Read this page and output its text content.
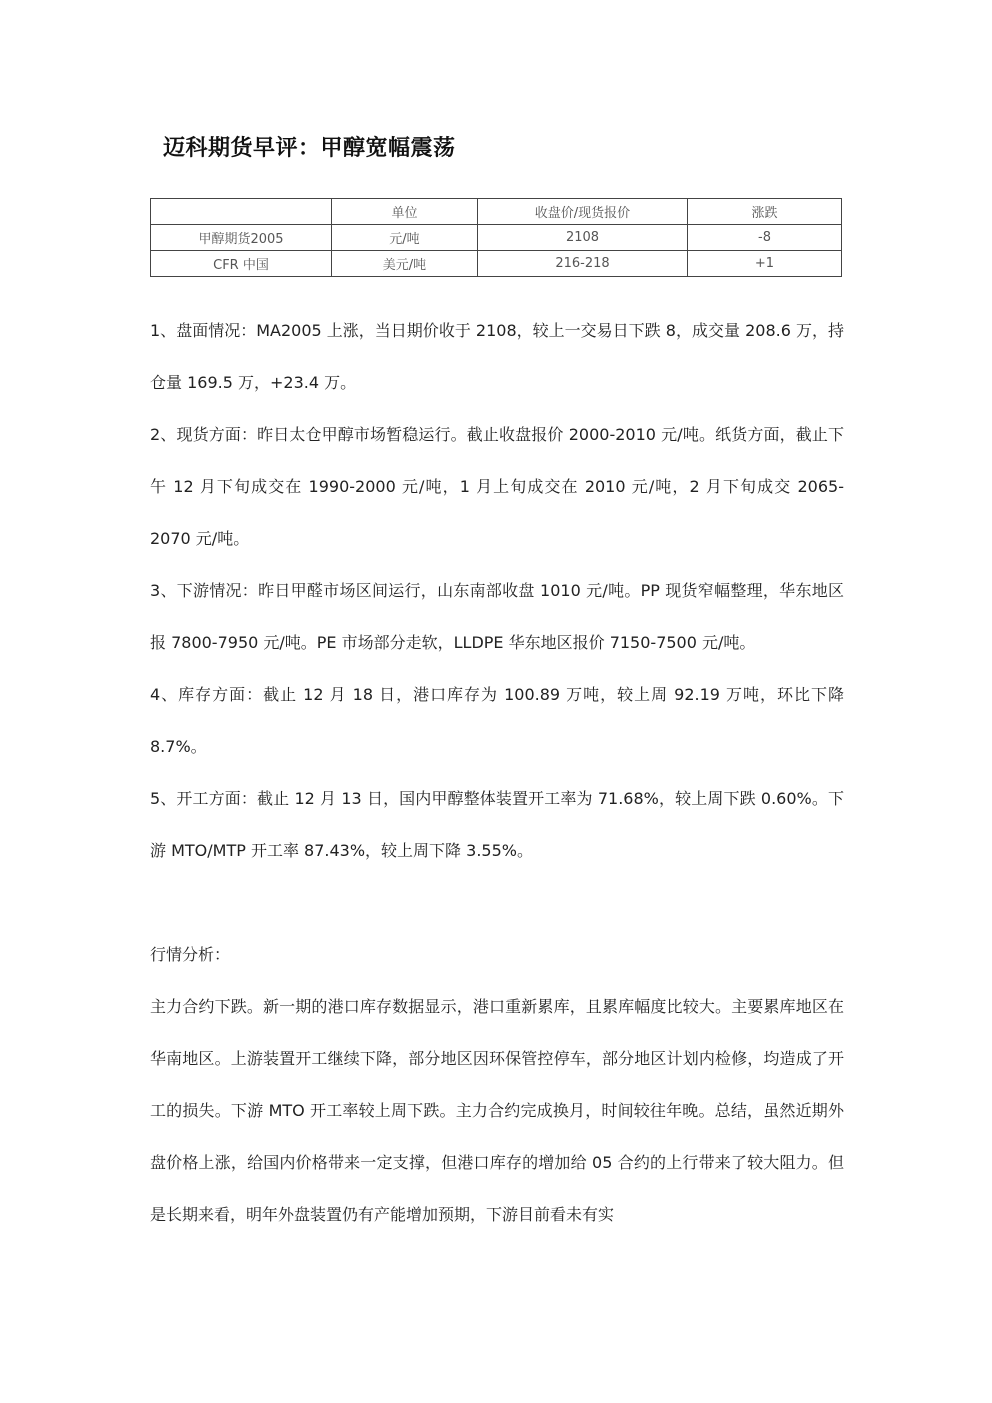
迈科期货早评：甲醇宽幅震荡
	单位	收盘价/现货报价	涨跌
甲醇期货2005	元/吨	2108	-8
CFR 中国	美元/吨	216-218	+1

1、盘面情况：MA2005 上涨，当日期价收于 2108，较上一交易日下跌 8，成交量 208.6 万，持仓量 169.5 万，+23.4 万。

2、现货方面：昨日太仓甲醇市场暂稳运行。截止收盘报价 2000-2010 元/吨。纸货方面，截止下午 12 月下旬成交在 1990-2000 元/吨，1 月上旬成交在 2010 元/吨，2 月下旬成交 2065-2070 元/吨。

3、下游情况：昨日甲醛市场区间运行，山东南部收盘 1010 元/吨。PP 现货窄幅整理，华东地区报 7800-7950 元/吨。PE 市场部分走软，LLDPE 华东地区报价 7150-7500 元/吨。

4、库存方面：截止 12 月 18 日，港口库存为 100.89 万吨，较上周 92.19 万吨，环比下降 8.7%。

5、开工方面：截止 12 月 13 日，国内甲醇整体装置开工率为 71.68%，较上周下跌 0.60%。下游 MTO/MTP 开工率 87.43%，较上周下降 3.55%。

行情分析：

主力合约下跌。新一期的港口库存数据显示，港口重新累库，且累库幅度比较大。主要累库地区在华南地区。上游装置开工继续下降，部分地区因环保管控停车，部分地区计划内检修，均造成了开工的损失。下游 MTO 开工率较上周下跌。主力合约完成换月，时间较往年晚。总结，虽然近期外盘价格上涨，给国内价格带来一定支撑，但港口库存的增加给 05 合约的上行带来了较大阻力。但是长期来看，明年外盘装置仍有产能增加预期，下游目前看未有实
